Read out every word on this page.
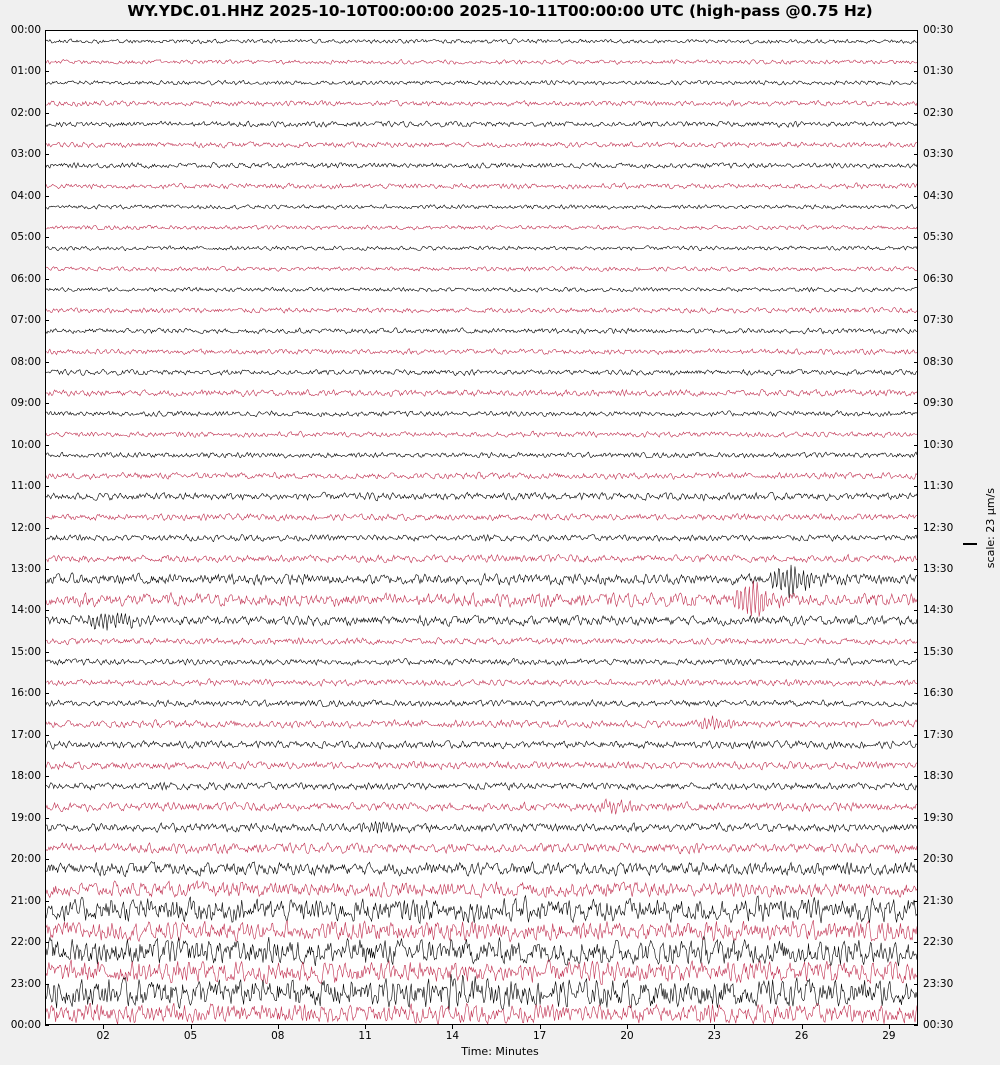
WY.YDC.01.HHZ 2025-10-10T00:00:00 2025-10-11T00:00:00 UTC (high-pass @0.75 Hz)
00:00	00:30
01:00	01:30
02:00	02:30
03:00	03:30
04:00	04:30
05:00	05:30
06:00	06:30
07:00	07:30
08:00	08:30
09:00	09:30
10:00	10:30
11:00	11:30
12:00	12:30
13:00	13:30
14:00	14:30
15:00	15:30
16:00	16:30
17:00	17:30
18:00	18:30
19:00	19:30
20:00	20:30
21:00	21:30
22:00	22:30
23:00	23:30
00:00	00:30
02	05	08	11	14	17	20	23	26	29
Time: Minutes
scale: 23 µm/s
